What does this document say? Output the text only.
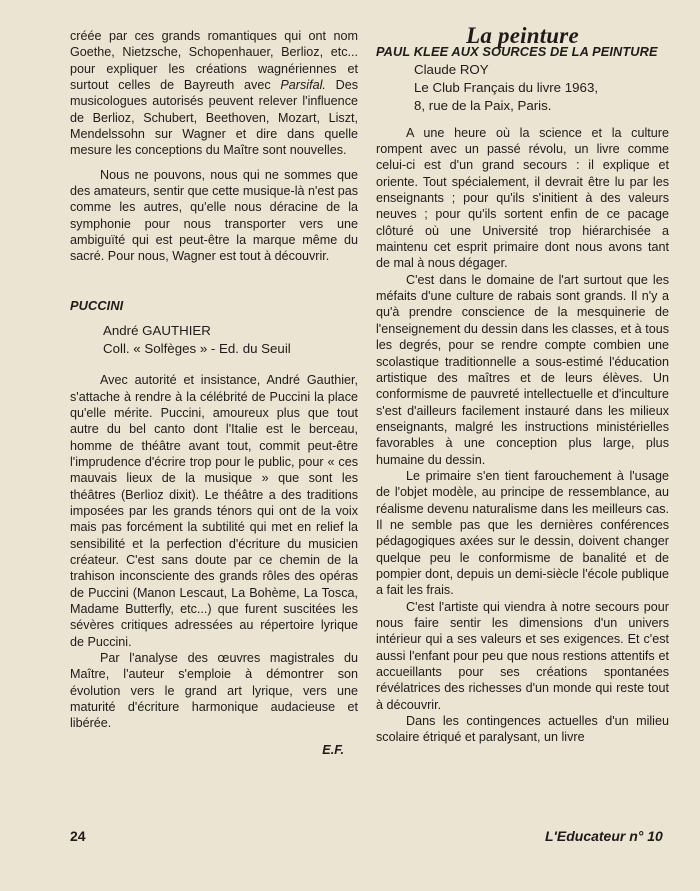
créée par ces grands romantiques qui ont nom Goethe, Nietzsche, Schopenhauer, Berlioz, etc... pour expliquer les créations wagnériennes et surtout celles de Bayreuth avec Parsifal. Des musicologues autorisés peuvent relever l'influence de Berlioz, Schubert, Beethoven, Mozart, Liszt, Mendelssohn sur Wagner et dire dans quelle mesure les conceptions du Maître sont nouvelles.

Nous ne pouvons, nous qui ne sommes que des amateurs, sentir que cette musique-là n'est pas comme les autres, qu'elle nous déracine de la symphonie pour nous transporter vers une ambiguïté qui est peut-être la marque même du sacré. Pour nous, Wagner est tout à découvrir.

PUCCINI

André GAUTHIER

Coll. « Solfèges » - Ed. du Seuil

Avec autorité et insistance, André Gauthier, s'attache à rendre à la célébrité de Puccini la place qu'elle mérite. Puccini, amoureux plus que tout autre du bel canto dont l'Italie est le berceau, homme de théâtre avant tout, commit peut-être l'imprudence d'écrire trop pour le public, pour « ces mauvais lieux de la musique » que sont les théâtres (Berlioz dixit). Le théâtre a des traditions imposées par les grands ténors qui ont de la voix mais pas forcément la subtilité qui met en relief la sensibilité et la perfection d'écriture du musicien créateur. C'est sans doute par ce chemin de la trahison inconsciente des grands rôles des opéras de Puccini (Manon Lescaut, La Bohème, La Tosca, Madame Butterfly, etc...) que furent suscitées les sévères critiques adressées au répertoire lyrique de Puccini.

Par l'analyse des œuvres magistrales du Maître, l'auteur s'emploie à démontrer son évolution vers le grand art lyrique, vers une maturité d'écriture harmonique audacieuse et libérée.

E.F.

La peinture

PAUL KLEE AUX SOURCES DE LA PEINTURE

Claude ROY

Le Club Français du livre 1963,

8, rue de la Paix, Paris.

A une heure où la science et la culture rompent avec un passé révolu, un livre comme celui-ci est d'un grand secours : il explique et oriente. Tout spécialement, il devrait être lu par les enseignants ; pour qu'ils s'initient à des valeurs neuves ; pour qu'ils sortent enfin de ce pacage clôturé où une Université trop hiérarchisée a maintenu cet esprit primaire dont nous avons tant de mal à nous dégager.

C'est dans le domaine de l'art surtout que les méfaits d'une culture de rabais sont grands. Il n'y a qu'à prendre conscience de la mesquinerie de l'enseignement du dessin dans les classes, et à tous les degrés, pour se rendre compte combien une scolastique traditionnelle a sous-estimé l'éducation artistique des maîtres et de leurs élèves. Un conformisme de pauvreté intellectuelle et d'inculture s'est d'ailleurs facilement instauré dans les milieux enseignants, malgré les instructions ministérielles favorables à une conception plus large, plus humaine du dessin.

Le primaire s'en tient farouchement à l'usage de l'objet modèle, au principe de ressemblance, au réalisme devenu naturalisme dans les meilleurs cas. Il ne semble pas que les dernières conférences pédagogiques axées sur le dessin, doivent changer quelque peu le conformisme de banalité et de pompier dont, depuis un demi-siècle l'école publique a fait les frais.

C'est l'artiste qui viendra à notre secours pour nous faire sentir les dimensions d'un univers intérieur qui a ses valeurs et ses exigences. Et c'est aussi l'enfant pour peu que nous restions attentifs et accueillants pour ses créations spontanées révélatrices des richesses d'un monde qui reste tout à découvrir.

Dans les contingences actuelles d'un milieu scolaire étriqué et paralysant, un livre

24	L'Educateur n° 10
